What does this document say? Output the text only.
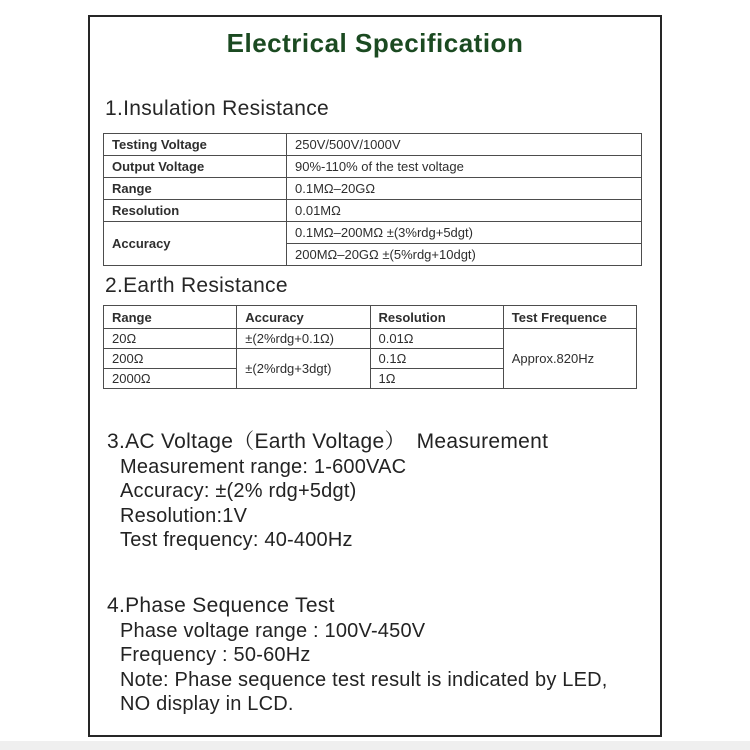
Electrical Specification
1.Insulation Resistance
Testing Voltage	250V/500V/1000V
Output Voltage	90%-110% of the test voltage
Range	0.1MΩ–20GΩ
Resolution	0.01MΩ
Accuracy	0.1MΩ–200MΩ ±(3%rdg+5dgt)
	200MΩ–20GΩ ±(5%rdg+10dgt)
2.Earth Resistance
Range	Accuracy	Resolution	Test Frequence
20Ω	±(2%rdg+0.1Ω)	0.01Ω	Approx.820Hz
200Ω	±(2%rdg+3dgt)	0.1Ω	
2000Ω		1Ω	
3.AC Voltage（Earth Voltage）　Measurement
Measurement range: 1-600VAC
Accuracy: ±(2% rdg+5dgt)
Resolution:1V
Test frequency: 40-400Hz
4.Phase Sequence Test
Phase voltage range : 100V-450V
Frequency : 50-60Hz
Note: Phase sequence test result is indicated by LED,
NO display in LCD.
